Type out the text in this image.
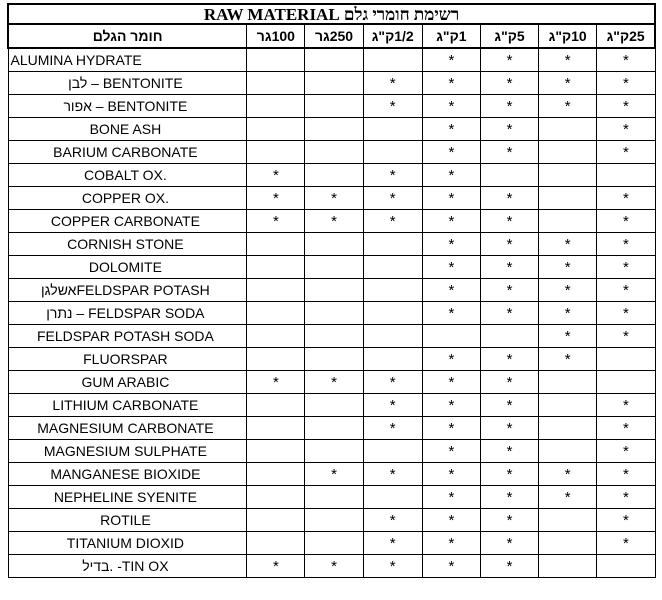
רשימת חומרי גלם RAW MATERIAL
חומר הגלם	100גר	250גר	1/2ק"ג	1ק"ג	5ק"ג	10ק"ג	25ק"ג
ALUMINA HYDRATE				*	*	*	*
לבן – BENTONITE			*	*	*	*	*
אפור – BENTONITE			*	*	*	*	*
BONE ASH				*	*		*
BARIUM CARBONATE				*	*		*
COBALT OX.	*		*	*			
COPPER OX.	*	*	*	*	*		*
COPPER CARBONATE	*	*	*	*	*		*
CORNISH STONE				*	*	*	*
DOLOMITE				*	*	*	*
אשלגןFELDSPAR POTASH				*	*	*	*
נתרן – FELDSPAR SODA				*	*	*	*
FELDSPAR POTASH SODA						*	*
FLUORSPAR				*	*	*	
GUM ARABIC	*	*	*	*	*		
LITHIUM CARBONATE			*	*	*		*
MAGNESIUM CARBONATE			*	*	*		*
MAGNESIUM SULPHATE				*	*		*
MANGANESE BIOXIDE		*	*	*	*	*	*
NEPHELINE SYENITE				*	*	*	*
ROTILE			*	*	*		*
TITANIUM DIOXID			*	*	*		*
בדיל. -TIN OX	*	*	*	*	*		
